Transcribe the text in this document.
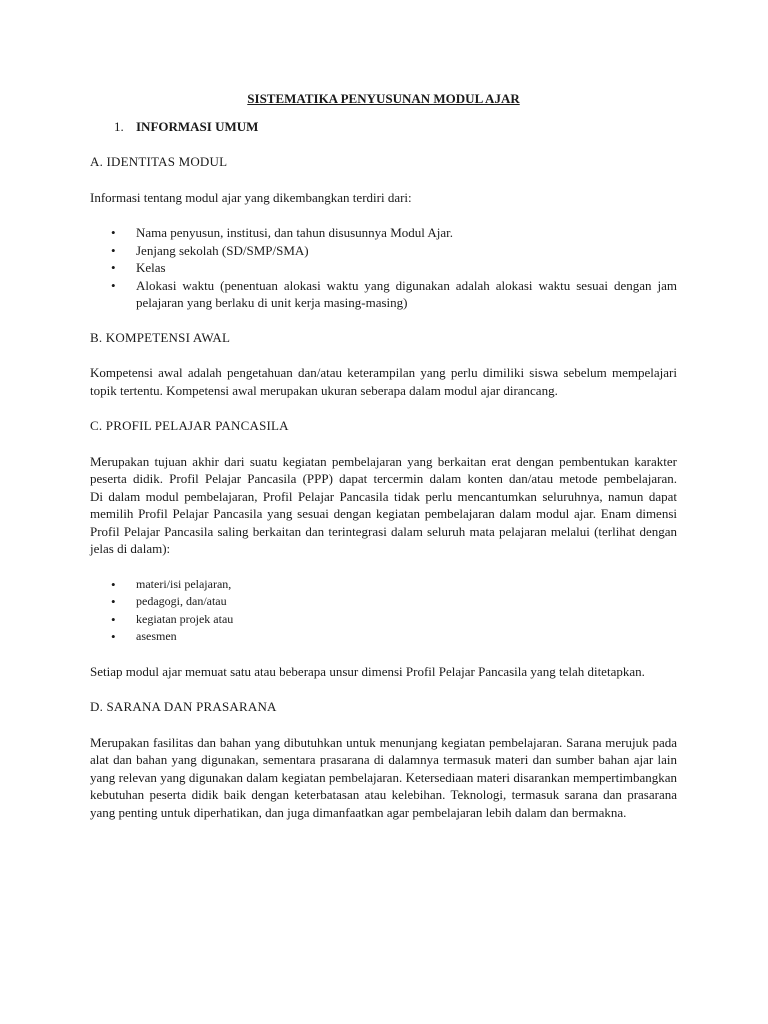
SISTEMATIKA PENYUSUNAN MODUL AJAR
1. INFORMASI UMUM
A. IDENTITAS MODUL
Informasi tentang modul ajar yang dikembangkan terdiri dari:
• Nama penyusun, institusi, dan tahun disusunnya Modul Ajar.
• Jenjang sekolah (SD/SMP/SMA)
• Kelas
• Alokasi waktu (penentuan alokasi waktu yang digunakan adalah alokasi waktu sesuai dengan jam pelajaran yang berlaku di unit kerja masing-masing)
B. KOMPETENSI AWAL
Kompetensi awal adalah pengetahuan dan/atau keterampilan yang perlu dimiliki siswa sebelum mempelajari topik tertentu. Kompetensi awal merupakan ukuran seberapa dalam modul ajar dirancang.
C. PROFIL PELAJAR PANCASILA
Merupakan tujuan akhir dari suatu kegiatan pembelajaran yang berkaitan erat dengan pembentukan karakter peserta didik. Profil Pelajar Pancasila (PPP) dapat tercermin dalam konten dan/atau metode pembelajaran.
Di dalam modul pembelajaran, Profil Pelajar Pancasila tidak perlu mencantumkan seluruhnya, namun dapat memilih Profil Pelajar Pancasila yang sesuai dengan kegiatan pembelajaran dalam modul ajar. Enam dimensi Profil Pelajar Pancasila saling berkaitan dan terintegrasi dalam seluruh mata pelajaran melalui (terlihat dengan jelas di dalam):
• materi/isi pelajaran,
• pedagogi, dan/atau
• kegiatan projek atau
• asesmen
Setiap modul ajar memuat satu atau beberapa unsur dimensi Profil Pelajar Pancasila yang telah ditetapkan.
D. SARANA DAN PRASARANA
Merupakan fasilitas dan bahan yang dibutuhkan untuk menunjang kegiatan pembelajaran. Sarana merujuk pada alat dan bahan yang digunakan, sementara prasarana di dalamnya termasuk materi dan sumber bahan ajar lain yang relevan yang digunakan dalam kegiatan pembelajaran. Ketersediaan materi disarankan mempertimbangkan kebutuhan peserta didik baik dengan keterbatasan atau kelebihan. Teknologi, termasuk sarana dan prasarana yang penting untuk diperhatikan, dan juga dimanfaatkan agar pembelajaran lebih dalam dan bermakna.
